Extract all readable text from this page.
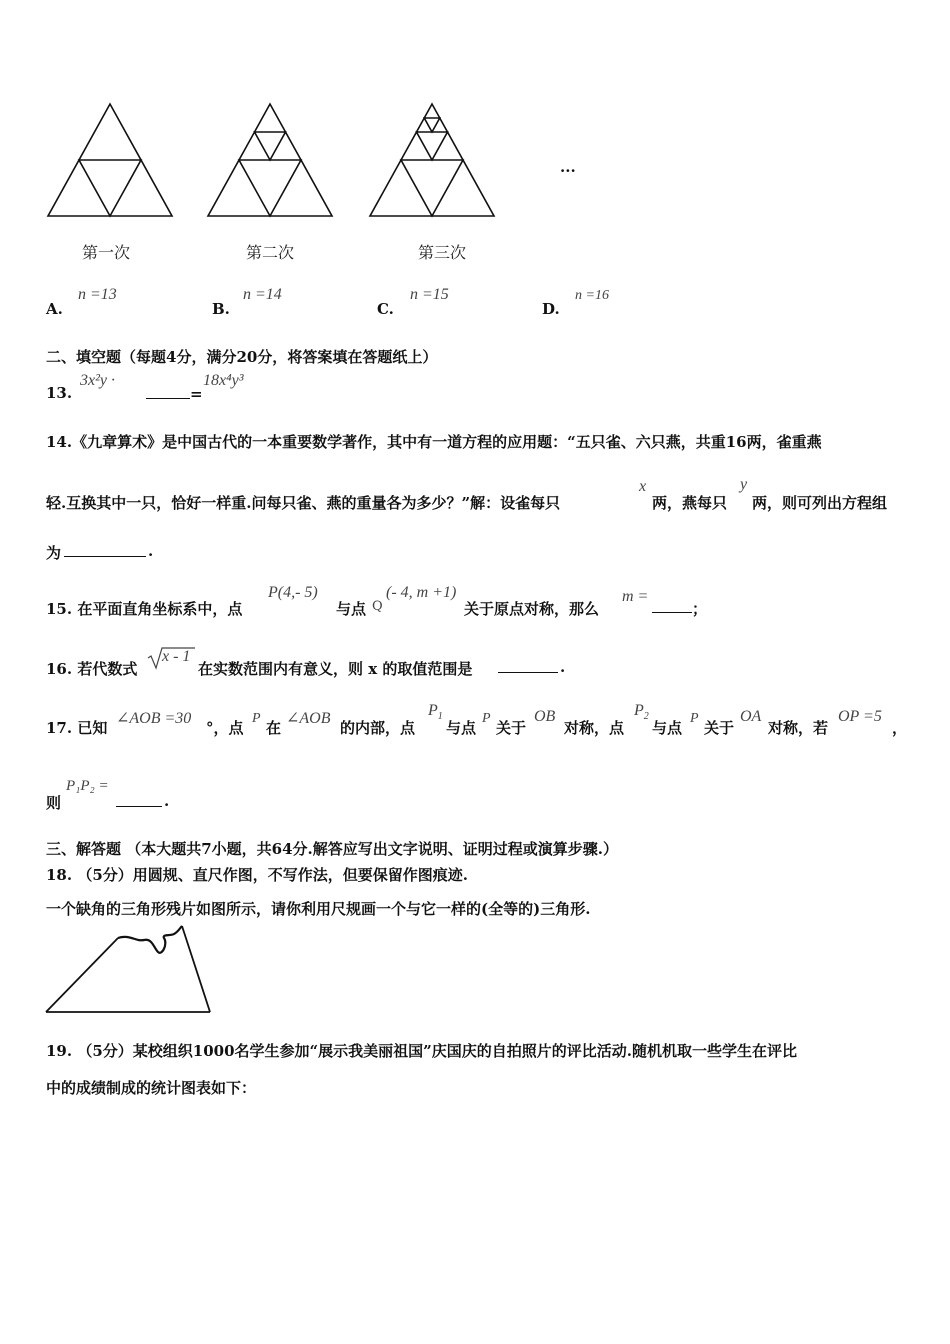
第一次	第二次	第三次
...
A.
n =13
B.
n =14
C.
n =15
D.
n =16
二、填空题（每题4分，满分20分，将答案填在答题纸上）
13.
3x²y ·
=
18x⁴y³
14.《九章算术》是中国古代的一本重要数学著作，其中有一道方程的应用题：“五只雀、六只燕，共重16两，雀重燕
轻.互换其中一只，恰好一样重.问每只雀、燕的重量各为多少？”解：设雀每只
x
两，燕每只
y
两，则可列出方程组
为	.
15. 在平面直角坐标系中，点
P(4,- 5)
与点 Q
(- 4, m +1)
关于原点对称，那么
m =
；
16. 若代数式
x - 1
在实数范围内有意义，则 x 的取值范围是	.
17. 已知
∠AOB =30
°，点
P
在
∠AOB
的内部，点
$P_1$
与点
P
关于
OB
对称，点
$P_2$
与点
P
关于
OA
对称，若
OP =5
，
则
P₁P₂ =
.
三、解答题 （本大题共7小题，共64分.解答应写出文字说明、证明过程或演算步骤.）
18. （5分）用圆规、直尺作图，不写作法，但要保留作图痕迹.
一个缺角的三角形残片如图所示，请你利用尺规画一个与它一样的(全等的)三角形.
19. （5分）某校组织1000名学生参加“展示我美丽祖国”庆国庆的自拍照片的评比活动.随机机取一些学生在评比
中的成绩制成的统计图表如下：
